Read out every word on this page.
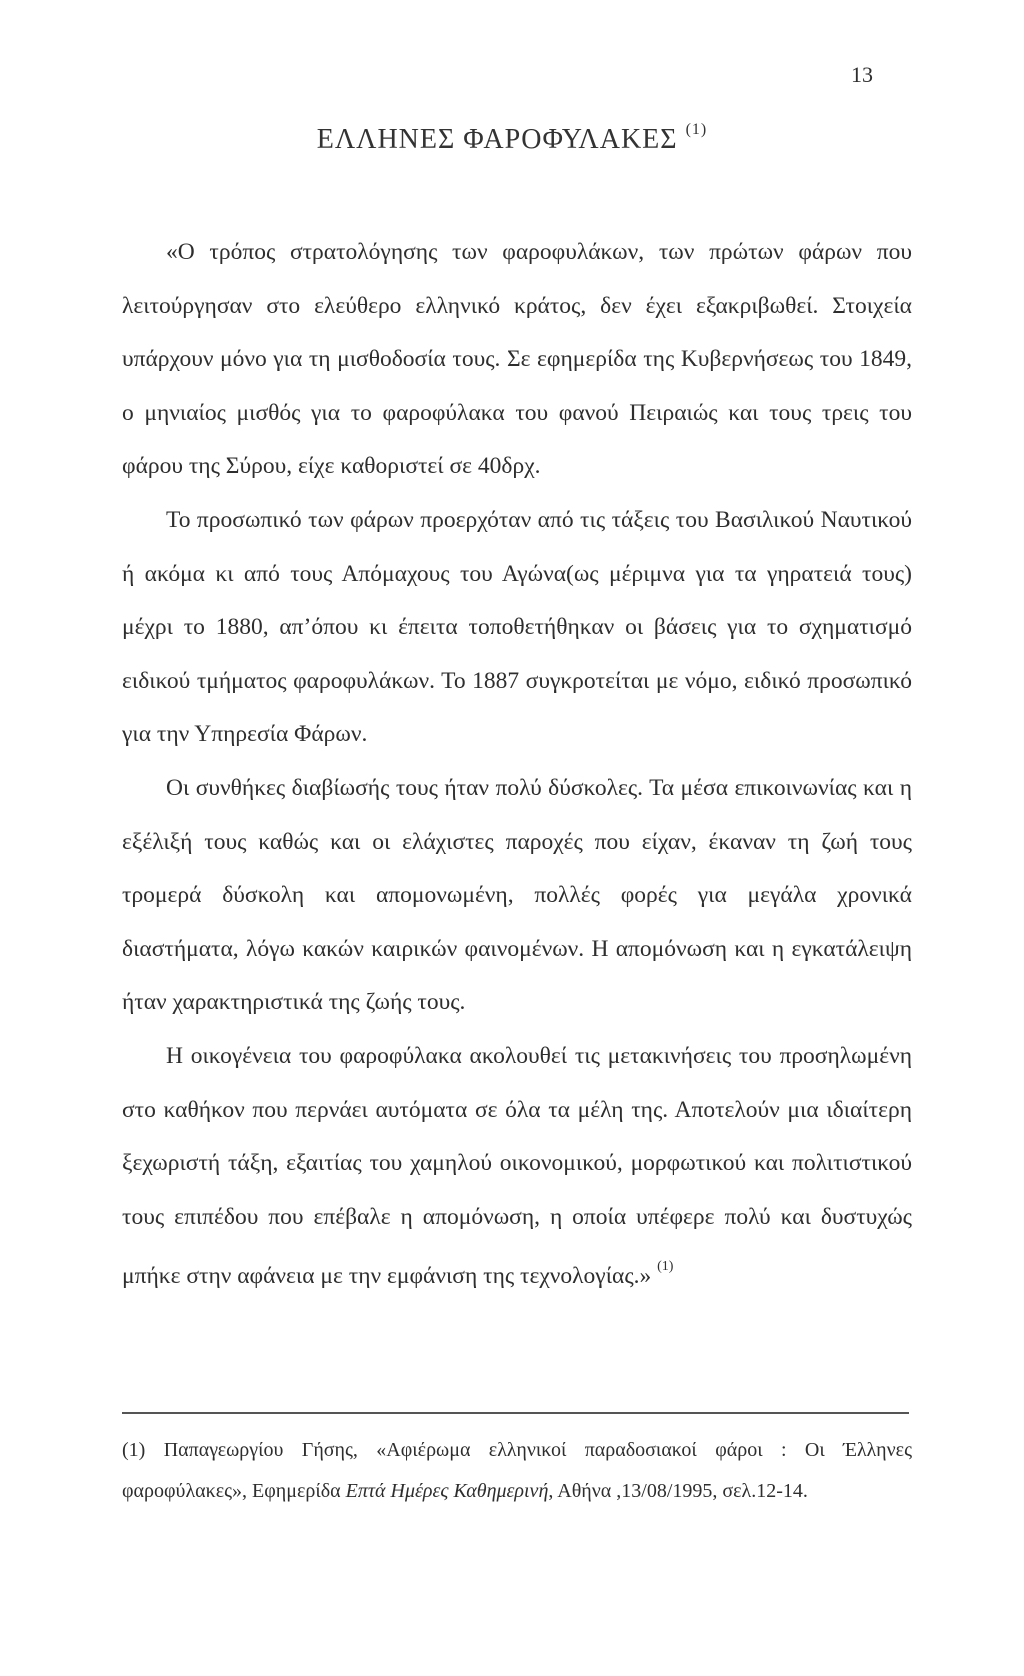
13
ΕΛΛΗΝΕΣ ΦΑΡΟΦΥΛΑΚΕΣ $^{(1)}$

«Ο τρόπος στρατολόγησης των φαροφυλάκων, των πρώτων φάρων που λειτούργησαν στο ελεύθερο ελληνικό κράτος, δεν έχει εξακριβωθεί. Στοιχεία υπάρχουν μόνο για τη μισθοδοσία τους. Σε εφημερίδα της Κυβερνήσεως του 1849, ο μηνιαίος μισθός για το φαροφύλακα του φανού Πειραιώς και τους τρεις του φάρου της Σύρου, είχε καθοριστεί σε 40δρχ.

Το προσωπικό των φάρων προερχόταν από τις τάξεις του Βασιλικού Ναυτικού ή ακόμα κι από τους Απόμαχους του Αγώνα(ως μέριμνα για τα γηρατειά τους) μέχρι το 1880, απ’όπου κι έπειτα τοποθετήθηκαν οι βάσεις για το σχηματισμό ειδικού τμήματος φαροφυλάκων. Το 1887 συγκροτείται με νόμο, ειδικό προσωπικό για την Υπηρεσία Φάρων.

Οι συνθήκες διαβίωσής τους ήταν πολύ δύσκολες. Τα μέσα επικοινωνίας και η εξέλιξή τους καθώς και οι ελάχιστες παροχές που είχαν, έκαναν τη ζωή τους τρομερά δύσκολη και απομονωμένη, πολλές φορές για μεγάλα χρονικά διαστήματα, λόγω κακών καιρικών φαινομένων. Η απομόνωση και η εγκατάλειψη ήταν χαρακτηριστικά της ζωής τους.

Η οικογένεια του φαροφύλακα ακολουθεί τις μετακινήσεις του προσηλωμένη στο καθήκον που περνάει αυτόματα σε όλα τα μέλη της. Αποτελούν μια ιδιαίτερη ξεχωριστή τάξη, εξαιτίας του χαμηλού οικονομικού, μορφωτικού και πολιτιστικού τους επιπέδου που επέβαλε η απομόνωση, η οποία υπέφερε πολύ και δυστυχώς μπήκε στην αφάνεια με την εμφάνιση της τεχνολογίας.» $^{(1)}$

(1) Παπαγεωργίου Γήσης, «Αφιέρωμα ελληνικοί παραδοσιακοί φάροι : Οι Έλληνες φαροφύλακες», Εφημερίδα Επτά Ημέρες Καθημερινή, Αθήνα ,13/08/1995, σελ.12-14.
